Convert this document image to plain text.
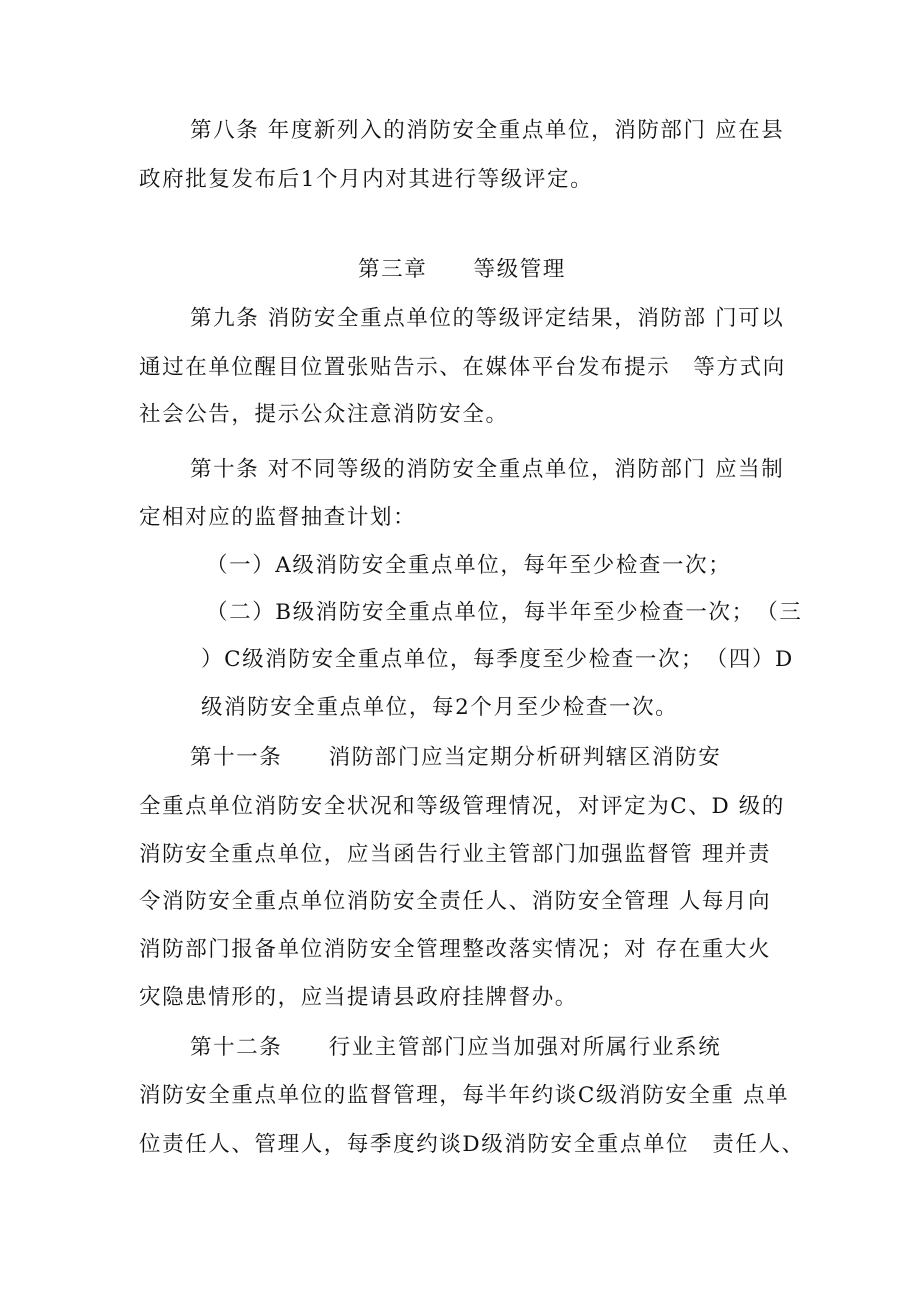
第八条 年度新列入的消防安全重点单位，消防部门 应在县
政府批复发布后1个月内对其进行等级评定。
第三章　　等级管理
第九条 消防安全重点单位的等级评定结果，消防部 门可以
通过在单位醒目位置张贴告示、在媒体平台发布提示　等方式向
社会公告，提示公众注意消防安全。
第十条 对不同等级的消防安全重点单位，消防部门 应当制
定相对应的监督抽查计划：
（一）A级消防安全重点单位，每年至少检查一次；
（二）B级消防安全重点单位，每半年至少检查一次；　（三
）C级消防安全重点单位，每季度至少检查一次；　（四）D
级消防安全重点单位，每2个月至少检查一次。
第十一条　　消防部门应当定期分析研判辖区消防安
全重点单位消防安全状况和等级管理情况，对评定为C、D 级的
消防安全重点单位，应当函告行业主管部门加强监督管 理并责
令消防安全重点单位消防安全责任人、消防安全管理 人每月向
消防部门报备单位消防安全管理整改落实情况；对 存在重大火
灾隐患情形的，应当提请县政府挂牌督办。
第十二条　　行业主管部门应当加强对所属行业系统
消防安全重点单位的监督管理，每半年约谈C级消防安全重 点单
位责任人、管理人，每季度约谈D级消防安全重点单位　责任人、
